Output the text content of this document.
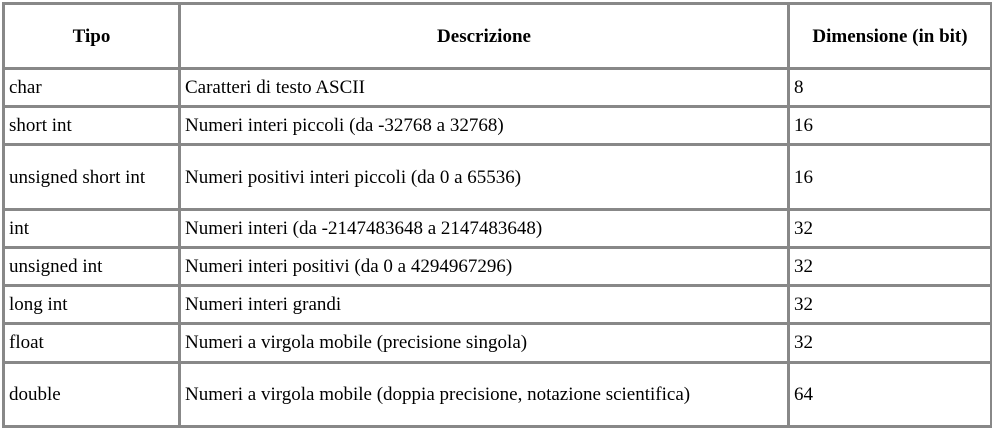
Tipo	Descrizione	Dimensione (in bit)
char	Caratteri di testo ASCII	8
short int	Numeri interi piccoli (da -32768 a 32768)	16
unsigned short int	Numeri positivi interi piccoli (da 0 a 65536)	16
int	Numeri interi (da -2147483648 a 2147483648)	32
unsigned int	Numeri interi positivi (da 0 a 4294967296)	32
long int	Numeri interi grandi	32
float	Numeri a virgola mobile (precisione singola)	32
double	Numeri a virgola mobile (doppia precisione, notazione scientifica)	64
